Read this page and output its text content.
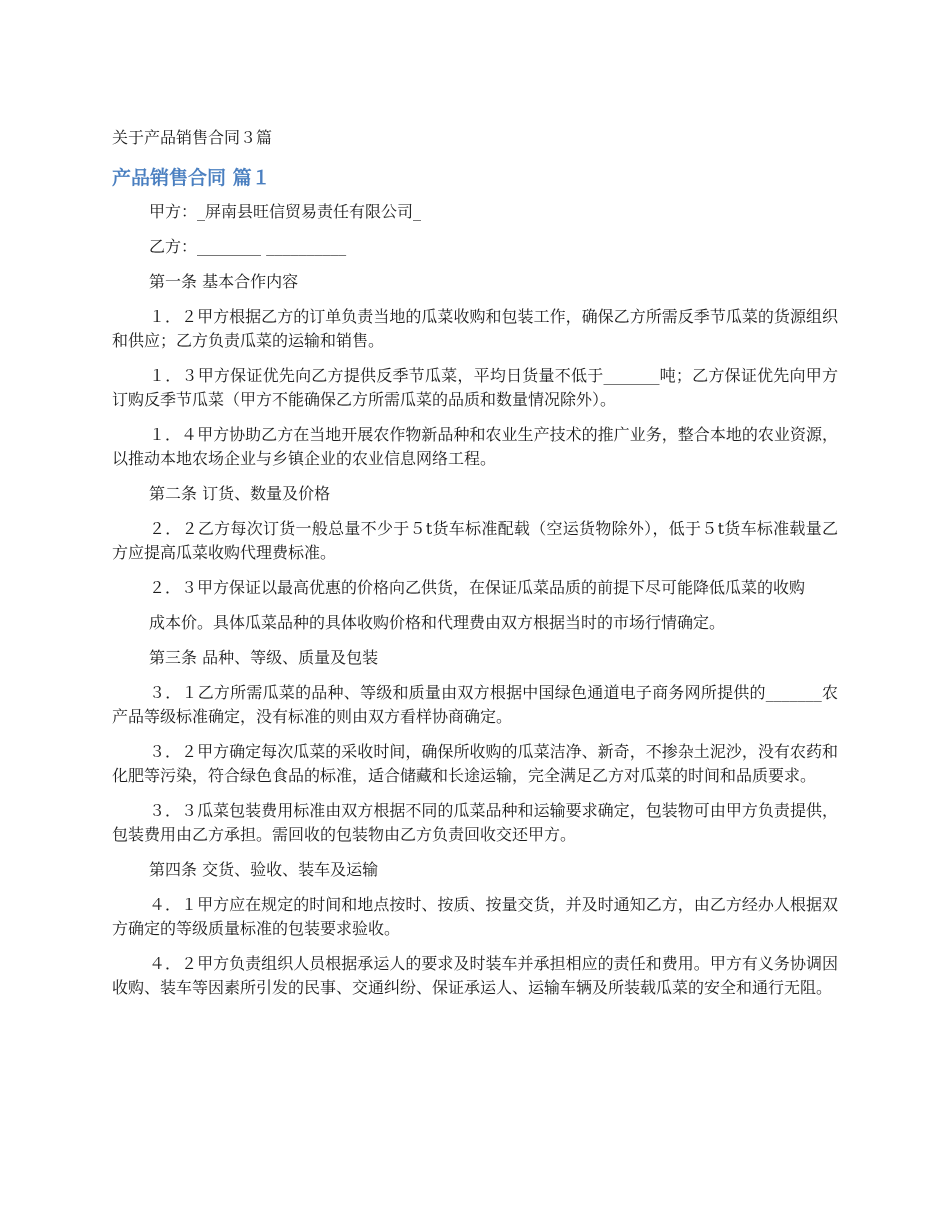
关于产品销售合同３篇
产品销售合同 篇１

甲方：_屏南县旺信贸易责任有限公司_

乙方：________ __________

第一条 基本合作内容

１．２甲方根据乙方的订单负责当地的瓜菜收购和包装工作，确保乙方所需反季节瓜菜的货源组织和供应；乙方负责瓜菜的运输和销售。

１．３甲方保证优先向乙方提供反季节瓜菜，平均日货量不低于_______吨；乙方保证优先向甲方订购反季节瓜菜（甲方不能确保乙方所需瓜菜的品质和数量情况除外）。

１．４甲方协助乙方在当地开展农作物新品种和农业生产技术的推广业务，整合本地的农业资源，以推动本地农场企业与乡镇企业的农业信息网络工程。

第二条 订货、数量及价格

２．２乙方每次订货一般总量不少于５t货车标准配载（空运货物除外），低于５t货车标准载量乙方应提高瓜菜收购代理费标准。

２．３甲方保证以最高优惠的价格向乙供货，在保证瓜菜品质的前提下尽可能降低瓜菜的收购

成本价。具体瓜菜品种的具体收购价格和代理费由双方根据当时的市场行情确定。

第三条 品种、等级、质量及包装

３．１乙方所需瓜菜的品种、等级和质量由双方根据中国绿色通道电子商务网所提供的_______农产品等级标准确定，没有标准的则由双方看样协商确定。

３．２甲方确定每次瓜菜的采收时间，确保所收购的瓜菜洁净、新奇，不掺杂土泥沙，没有农药和化肥等污染，符合绿色食品的标准，适合储藏和长途运输，完全满足乙方对瓜菜的时间和品质要求。

３．３瓜菜包装费用标准由双方根据不同的瓜菜品种和运输要求确定，包装物可由甲方负责提供，包装费用由乙方承担。需回收的包装物由乙方负责回收交还甲方。

第四条 交货、验收、装车及运输

４．１甲方应在规定的时间和地点按时、按质、按量交货，并及时通知乙方，由乙方经办人根据双方确定的等级质量标准的包装要求验收。

４．２甲方负责组织人员根据承运人的要求及时装车并承担相应的责任和费用。甲方有义务协调因收购、装车等因素所引发的民事、交通纠纷、保证承运人、运输车辆及所装载瓜菜的安全和通行无阻。
